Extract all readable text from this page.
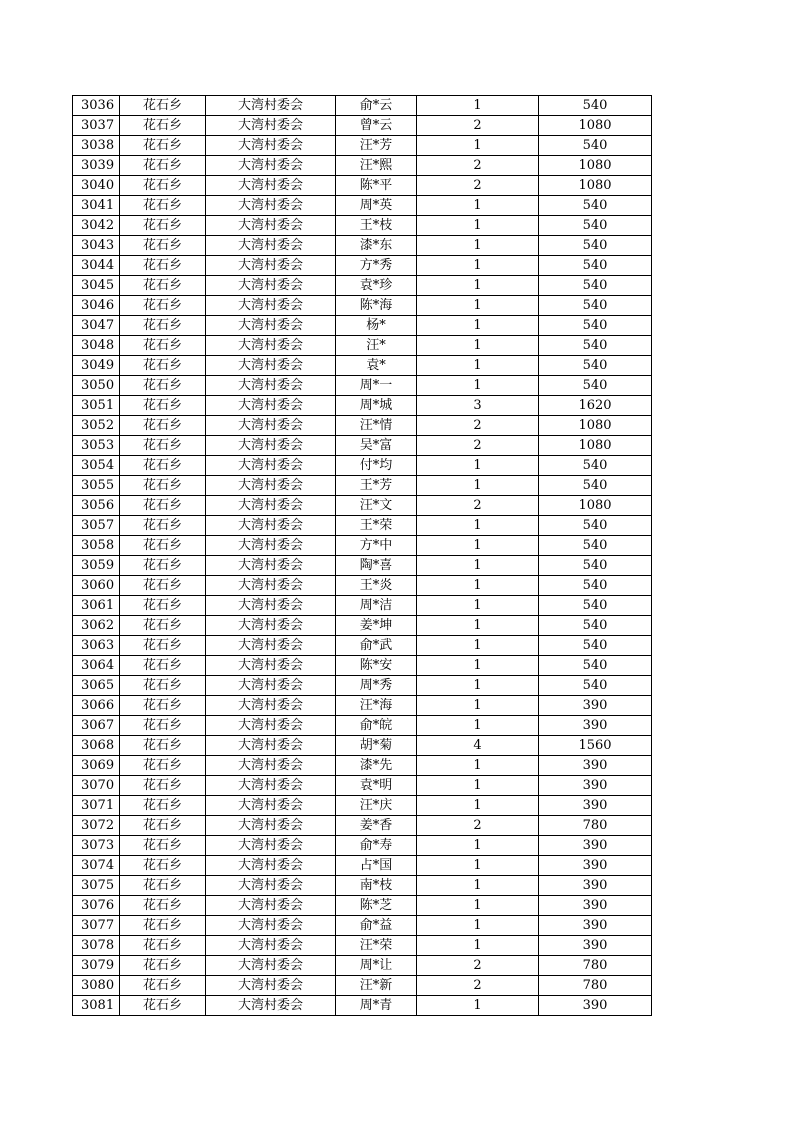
3036	花石乡	大湾村委会	俞*云	1	540
3037	花石乡	大湾村委会	曾*云	2	1080
3038	花石乡	大湾村委会	汪*芳	1	540
3039	花石乡	大湾村委会	汪*熙	2	1080
3040	花石乡	大湾村委会	陈*平	2	1080
3041	花石乡	大湾村委会	周*英	1	540
3042	花石乡	大湾村委会	王*枝	1	540
3043	花石乡	大湾村委会	漆*东	1	540
3044	花石乡	大湾村委会	方*秀	1	540
3045	花石乡	大湾村委会	袁*珍	1	540
3046	花石乡	大湾村委会	陈*海	1	540
3047	花石乡	大湾村委会	杨*	1	540
3048	花石乡	大湾村委会	汪*	1	540
3049	花石乡	大湾村委会	袁*	1	540
3050	花石乡	大湾村委会	周*一	1	540
3051	花石乡	大湾村委会	周*城	3	1620
3052	花石乡	大湾村委会	汪*情	2	1080
3053	花石乡	大湾村委会	吴*富	2	1080
3054	花石乡	大湾村委会	付*均	1	540
3055	花石乡	大湾村委会	王*芳	1	540
3056	花石乡	大湾村委会	汪*文	2	1080
3057	花石乡	大湾村委会	王*荣	1	540
3058	花石乡	大湾村委会	方*中	1	540
3059	花石乡	大湾村委会	陶*喜	1	540
3060	花石乡	大湾村委会	王*炎	1	540
3061	花石乡	大湾村委会	周*洁	1	540
3062	花石乡	大湾村委会	姜*坤	1	540
3063	花石乡	大湾村委会	俞*武	1	540
3064	花石乡	大湾村委会	陈*安	1	540
3065	花石乡	大湾村委会	周*秀	1	540
3066	花石乡	大湾村委会	汪*海	1	390
3067	花石乡	大湾村委会	俞*皖	1	390
3068	花石乡	大湾村委会	胡*菊	4	1560
3069	花石乡	大湾村委会	漆*先	1	390
3070	花石乡	大湾村委会	袁*明	1	390
3071	花石乡	大湾村委会	汪*庆	1	390
3072	花石乡	大湾村委会	姜*香	2	780
3073	花石乡	大湾村委会	俞*寿	1	390
3074	花石乡	大湾村委会	占*国	1	390
3075	花石乡	大湾村委会	南*枝	1	390
3076	花石乡	大湾村委会	陈*芝	1	390
3077	花石乡	大湾村委会	俞*益	1	390
3078	花石乡	大湾村委会	汪*荣	1	390
3079	花石乡	大湾村委会	周*让	2	780
3080	花石乡	大湾村委会	汪*新	2	780
3081	花石乡	大湾村委会	周*青	1	390
